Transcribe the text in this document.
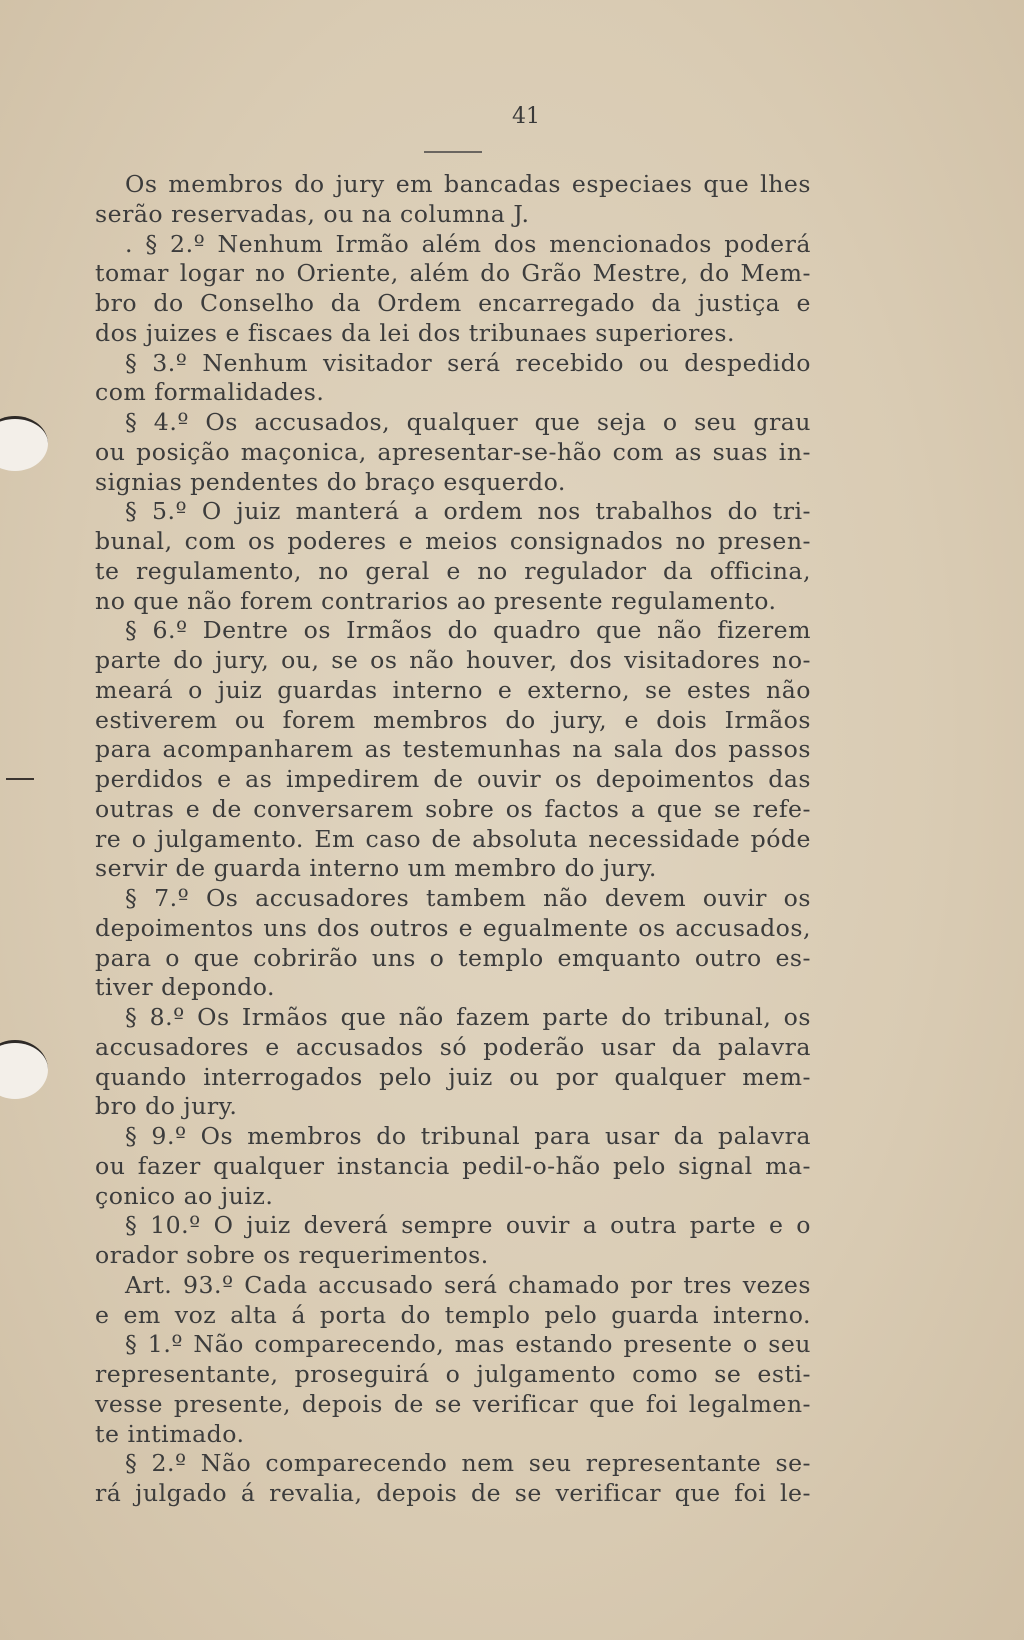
41
Os membros do jury em bancadas especiaes que lhes
serão reservadas, ou na columna J.
. § 2.º Nenhum Irmão além dos mencionados poderá
tomar logar no Oriente, além do Grão Mestre, do Mem-
bro do Conselho da Ordem encarregado da justiça e
dos juizes e fiscaes da lei dos tribunaes superiores.
§ 3.º Nenhum visitador será recebido ou despedido
com formalidades.
§ 4.º Os accusados, qualquer que seja o seu grau
ou posição maçonica, apresentar-se-hão com as suas in-
signias pendentes do braço esquerdo.
§ 5.º O juiz manterá a ordem nos trabalhos do tri-
bunal, com os poderes e meios consignados no presen-
te regulamento, no geral e no regulador da officina,
no que não forem contrarios ao presente regulamento.
§ 6.º Dentre os Irmãos do quadro que não fizerem
parte do jury, ou, se os não houver, dos visitadores no-
meará o juiz guardas interno e externo, se estes não
estiverem ou forem membros do jury, e dois Irmãos
para acompanharem as testemunhas na sala dos passos
perdidos e as impedirem de ouvir os depoimentos das
outras e de conversarem sobre os factos a que se refe-
re o julgamento. Em caso de absoluta necessidade póde
servir de guarda interno um membro do jury.
§ 7.º Os accusadores tambem não devem ouvir os
depoimentos uns dos outros e egualmente os accusados,
para o que cobrirão uns o templo emquanto outro es-
tiver depondo.
§ 8.º Os Irmãos que não fazem parte do tribunal, os
accusadores e accusados só poderão usar da palavra
quando interrogados pelo juiz ou por qualquer mem-
bro do jury.
§ 9.º Os membros do tribunal para usar da palavra
ou fazer qualquer instancia pedil-o-hão pelo signal ma-
çonico ao juiz.
§ 10.º O juiz deverá sempre ouvir a outra parte e o
orador sobre os requerimentos.
Art. 93.º Cada accusado será chamado por tres vezes
e em voz alta á porta do templo pelo guarda interno.
§ 1.º Não comparecendo, mas estando presente o seu
representante, proseguirá o julgamento como se esti-
vesse presente, depois de se verificar que foi legalmen-
te intimado.
§ 2.º Não comparecendo nem seu representante se-
rá julgado á revalia, depois de se verificar que foi le-
